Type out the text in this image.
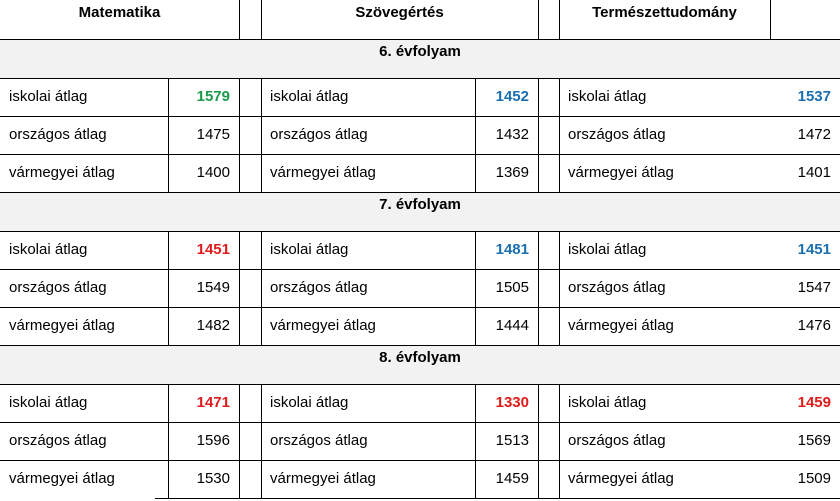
Matematika	Szövegértés	Természettudomány
6. évfolyam
iskolai átlag	1579	iskolai átlag	1452	iskolai átlag	1537
országos átlag	1475	országos átlag	1432	országos átlag	1472
vármegyei átlag	1400	vármegyei átlag	1369	vármegyei átlag	1401
7. évfolyam
iskolai átlag	1451	iskolai átlag	1481	iskolai átlag	1451
országos átlag	1549	országos átlag	1505	országos átlag	1547
vármegyei átlag	1482	vármegyei átlag	1444	vármegyei átlag	1476
8. évfolyam
iskolai átlag	1471	iskolai átlag	1330	iskolai átlag	1459
országos átlag	1596	országos átlag	1513	országos átlag	1569
vármegyei átlag	1530	vármegyei átlag	1459	vármegyei átlag	1509
